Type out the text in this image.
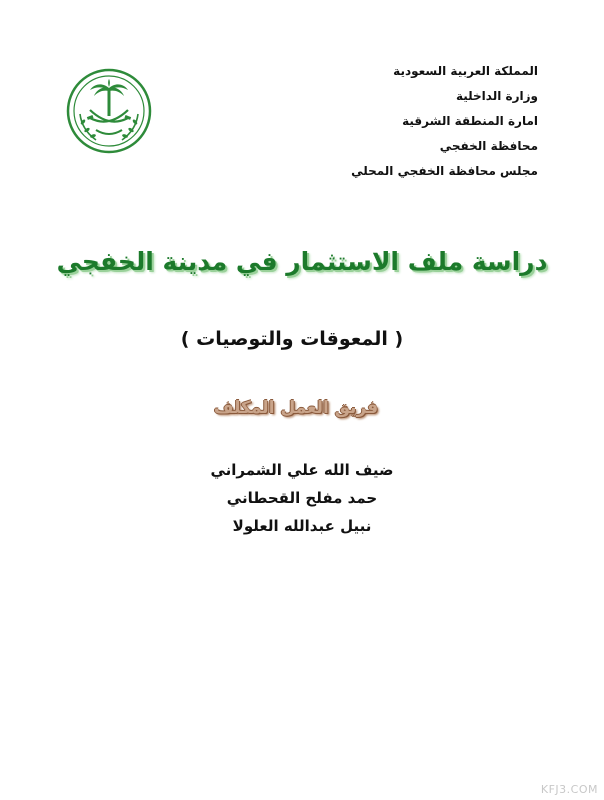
المملكة العربية السعودية
وزارة الداخلية
امارة المنطقة الشرقية
محافظة الخفجي
مجلس محافظة الخفجي المحلي
دراسة ملف الاستثمار في مدينة الخفجي
( المعوقات والتوصيات )
فريق العمل المكلف
ضيف الله علي الشمراني
حمد مفلح القحطاني
نبيل عبدالله العلولا
KFJ3.COM
